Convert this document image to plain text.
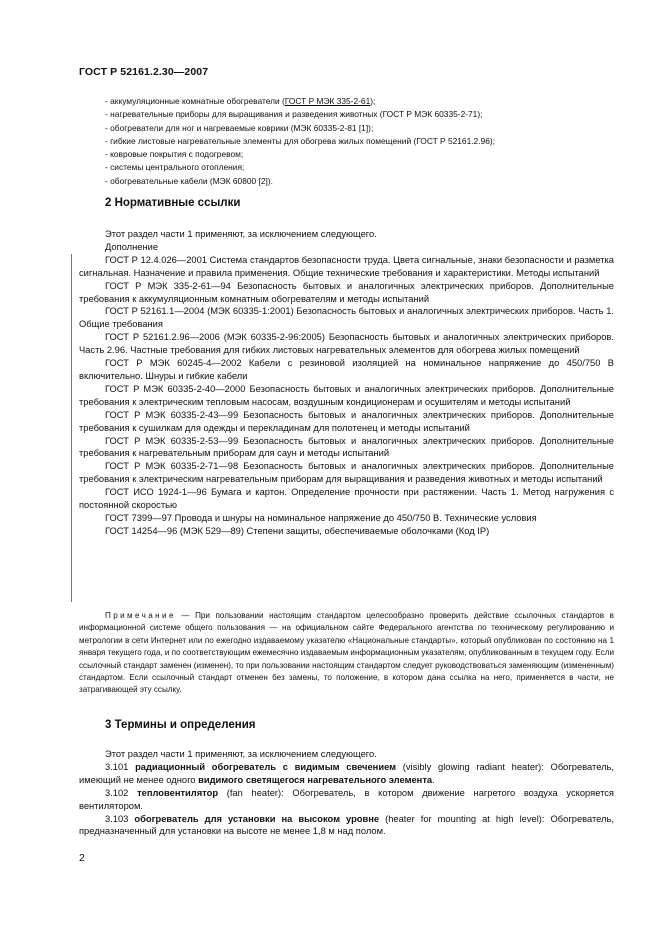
ГОСТ Р 52161.2.30—2007
- аккумуляционные комнатные обогреватели (ГОСТ Р МЭК 335-2-61);
- нагревательные приборы для выращивания и разведения животных (ГОСТ Р МЭК 60335-2-71);
- обогреватели для ног и нагреваемые коврики (МЭК 60335-2-81 [1]);
- гибкие листовые нагревательные элементы для обогрева жилых помещений (ГОСТ Р 52161.2.96);
- ковровые покрытия с подогревом;
- системы центрального отопления;
- обогревательные кабели (МЭК 60800 [2]).
2 Нормативные ссылки

Этот раздел части 1 применяют, за исключением следующего.

Дополнение

ГОСТ Р 12.4.026—2001 Система стандартов безопасности труда. Цвета сигнальные, знаки безопасности и разметка сигнальная. Назначение и правила применения. Общие технические требования и характеристики. Методы испытаний

ГОСТ Р МЭК 335-2-61—94 Безопасность бытовых и аналогичных электрических приборов. Дополнительные требования к аккумуляционным комнатным обогревателям и методы испытаний

ГОСТ Р 52161.1—2004 (МЭК 60335-1:2001) Безопасность бытовых и аналогичных электрических приборов. Часть 1. Общие требования

ГОСТ Р 52161.2.96—2006 (МЭК 60335-2-96:2005) Безопасность бытовых и аналогичных электрических приборов. Часть 2.96. Частные требования для гибких листовых нагревательных элементов для обогрева жилых помещений

ГОСТ Р МЭК 60245-4—2002 Кабели с резиновой изоляцией на номинальное напряжение до 450/750 В включительно. Шнуры и гибкие кабели

ГОСТ Р МЭК 60335-2-40—2000 Безопасность бытовых и аналогичных электрических приборов. Дополнительные требования к электрическим тепловым насосам, воздушным кондиционерам и осушителям и методы испытаний

ГОСТ Р МЭК 60335-2-43—99 Безопасность бытовых и аналогичных электрических приборов. Дополнительные требования к сушилкам для одежды и перекладинам для полотенец и методы испытаний

ГОСТ Р МЭК 60335-2-53—99 Безопасность бытовых и аналогичных электрических приборов. Дополнительные требования к нагревательным приборам для саун и методы испытаний

ГОСТ Р МЭК 60335-2-71—98 Безопасность бытовых и аналогичных электрических приборов. Дополнительные требования к электрическим нагревательным приборам для выращивания и разведения животных и методы испытаний

ГОСТ ИСО 1924-1—96 Бумага и картон. Определение прочности при растяжении. Часть 1. Метод нагружения с постоянной скоростью

ГОСТ 7399—97 Провода и шнуры на номинальное напряжение до 450/750 В. Технические условия

ГОСТ 14254—96 (МЭК 529—89) Степени защиты, обеспечиваемые оболочками (Код IP)

Примечание — При пользовании настоящим стандартом целесообразно проверить действие ссылочных стандартов в информационной системе общего пользования — на официальном сайте Федерального агентства по техническому регулированию и метрологии в сети Интернет или по ежегодно издаваемому указателю «Национальные стандарты», который опубликован по состоянию на 1 января текущего года, и по соответствующим ежемесячно издаваемым информационным указателям, опубликованным в текущем году. Если ссылочный стандарт заменен (изменен), то при пользовании настоящим стандартом следует руководствоваться заменяющим (измененным) стандартом. Если ссылочный стандарт отменен без замены, то положение, в котором дана ссылка на него, применяется в части, не затрагивающей эту ссылку.

3 Термины и определения

Этот раздел части 1 применяют, за исключением следующего.

3.101 радиационный обогреватель с видимым свечением (visibly glowing radiant heater): Обогреватель, имеющий не менее одного видимого светящегося нагревательного элемента.

3.102 тепловентилятор (fan heater): Обогреватель, в котором движение нагретого воздуха ускоряется вентилятором.

3.103 обогреватель для установки на высоком уровне (heater for mounting at high level): Обогреватель, предназначенный для установки на высоте не менее 1,8 м над полом.

2
